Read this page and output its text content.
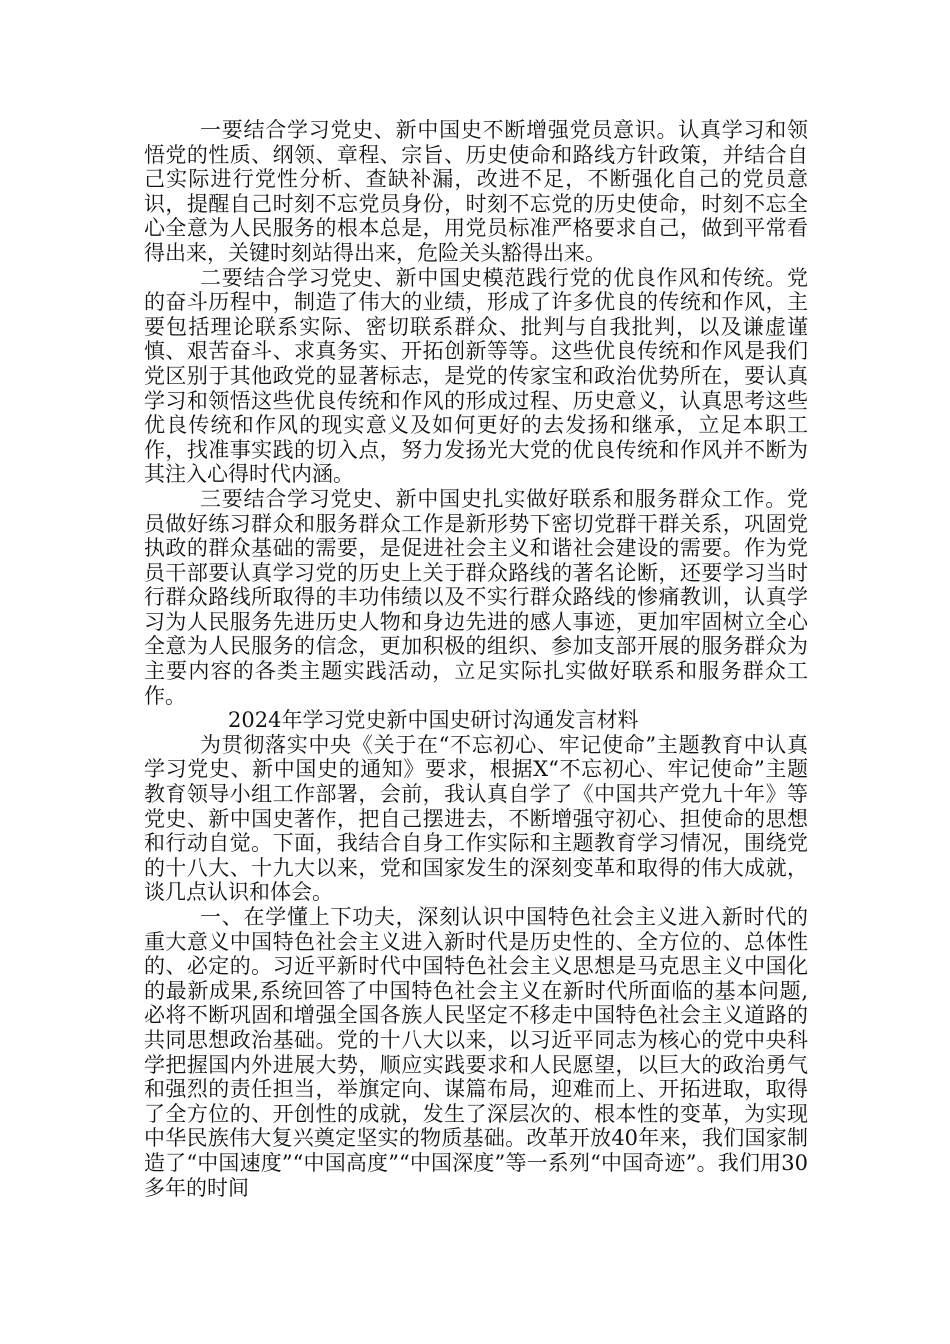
一要结合学习党史、新中国史不断增强党员意识。认真学习和领悟党的性质、纲领、章程、宗旨、历史使命和路线方针政策，并结合自己实际进行党性分析、查缺补漏，改进不足，不断强化自己的党员意识，提醒自己时刻不忘党员身份，时刻不忘党的历史使命，时刻不忘全心全意为人民服务的根本总是，用党员标准严格要求自己，做到平常看得出来，关键时刻站得出来，危险关头豁得出来。

二要结合学习党史、新中国史模范践行党的优良作风和传统。党的奋斗历程中，制造了伟大的业绩，形成了许多优良的传统和作风，主要包括理论联系实际、密切联系群众、批判与自我批判，以及谦虚谨慎、艰苦奋斗、求真务实、开拓创新等等。这些优良传统和作风是我们党区别于其他政党的显著标志，是党的传家宝和政治优势所在，要认真学习和领悟这些优良传统和作风的形成过程、历史意义，认真思考这些优良传统和作风的现实意义及如何更好的去发扬和继承，立足本职工作，找准事实践的切入点，努力发扬光大党的优良传统和作风并不断为其注入心得时代内涵。

三要结合学习党史、新中国史扎实做好联系和服务群众工作。党员做好练习群众和服务群众工作是新形势下密切党群干群关系，巩固党执政的群众基础的需要，是促进社会主义和谐社会建设的需要。作为党员干部要认真学习党的历史上关于群众路线的著名论断，还要学习当时行群众路线所取得的丰功伟绩以及不实行群众路线的惨痛教训，认真学习为人民服务先进历史人物和身边先进的感人事迹，更加牢固树立全心全意为人民服务的信念，更加积极的组织、参加支部开展的服务群众为主要内容的各类主题实践活动，立足实际扎实做好联系和服务群众工作。

2024年学习党史新中国史研讨沟通发言材料

为贯彻落实中央《关于在“不忘初心、牢记使命”主题教育中认真学习党史、新中国史的通知》要求，根据X“不忘初心、牢记使命”主题教育领导小组工作部署，会前，我认真自学了《中国共产党九十年》等党史、新中国史著作，把自己摆进去，不断增强守初心、担使命的思想和行动自觉。下面，我结合自身工作实际和主题教育学习情况，围绕党的十八大、十九大以来，党和国家发生的深刻变革和取得的伟大成就，谈几点认识和体会。

一、在学懂上下功夫，深刻认识中国特色社会主义进入新时代的重大意义中国特色社会主义进入新时代是历史性的、全方位的、总体性的、必定的。习近平新时代中国特色社会主义思想是马克思主义中国化的最新成果,系统回答了中国特色社会主义在新时代所面临的基本问题,必将不断巩固和增强全国各族人民坚定不移走中国特色社会主义道路的共同思想政治基础。党的十八大以来，以习近平同志为核心的党中央科学把握国内外进展大势，顺应实践要求和人民愿望，以巨大的政治勇气和强烈的责任担当，举旗定向、谋篇布局，迎难而上、开拓进取，取得了全方位的、开创性的成就，发生了深层次的、根本性的变革，为实现中华民族伟大复兴奠定坚实的物质基础。改革开放40年来，我们国家制造了“中国速度”“中国高度”“中国深度”等一系列“中国奇迹”。我们用30多年的时间
